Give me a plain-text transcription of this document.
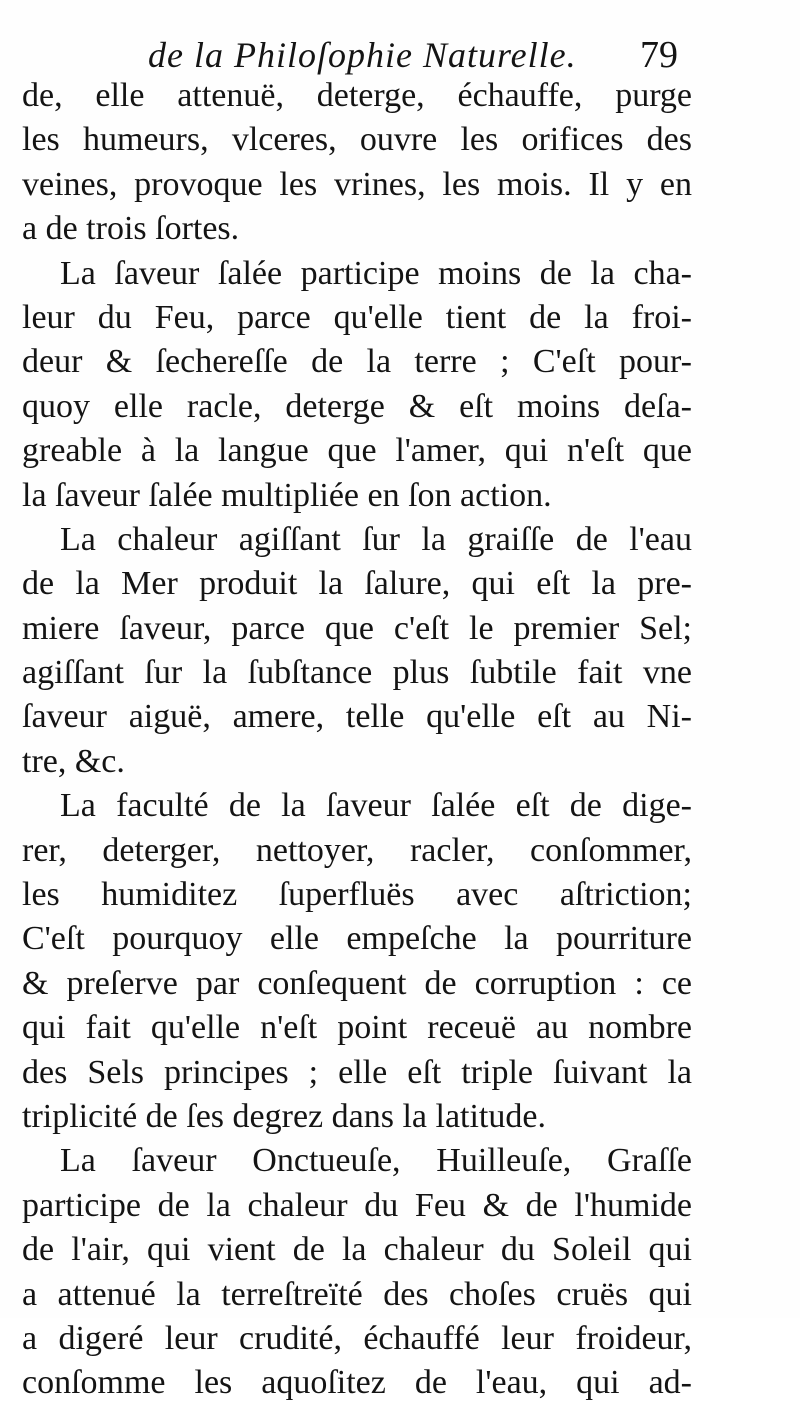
de la Philoſophie Naturelle.	79
de, elle attenuë, deterge, échauffe, purge
les humeurs, vlceres, ouvre les orifices des
veines, provoque les vrines, les mois. Il y en
a de trois ſortes.
La ſaveur ſalée participe moins de la cha-
leur du Feu, parce qu'elle tient de la froi-
deur & ſechereſſe de la terre ; C'eſt pour-
quoy elle racle, deterge & eſt moins deſa-
greable à la langue que l'amer, qui n'eſt que
la ſaveur ſalée multipliée en ſon action.
La chaleur agiſſant ſur la graiſſe de l'eau
de la Mer produit la ſalure, qui eſt la pre-
miere ſaveur, parce que c'eſt le premier Sel;
agiſſant ſur la ſubſtance plus ſubtile fait vne
ſaveur aiguë, amere, telle qu'elle eſt au Ni-
tre, &c.
La faculté de la ſaveur ſalée eſt de dige-
rer, deterger, nettoyer, racler, conſommer,
les humiditez ſuperfluës avec aſtriction;
C'eſt pourquoy elle empeſche la pourriture
& preſerve par conſequent de corruption : ce
qui fait qu'elle n'eſt point receuë au nombre
des Sels principes ; elle eſt triple ſuivant la
triplicité de ſes degrez dans la latitude.
La ſaveur Onctueuſe, Huilleuſe, Graſſe
participe de la chaleur du Feu & de l'humide
de l'air, qui vient de la chaleur du Soleil qui
a attenué la terreſtreïté des choſes cruës qui
a digeré leur crudité, échauffé leur froideur,
conſomme les aquoſitez de l'eau, qui ad-
